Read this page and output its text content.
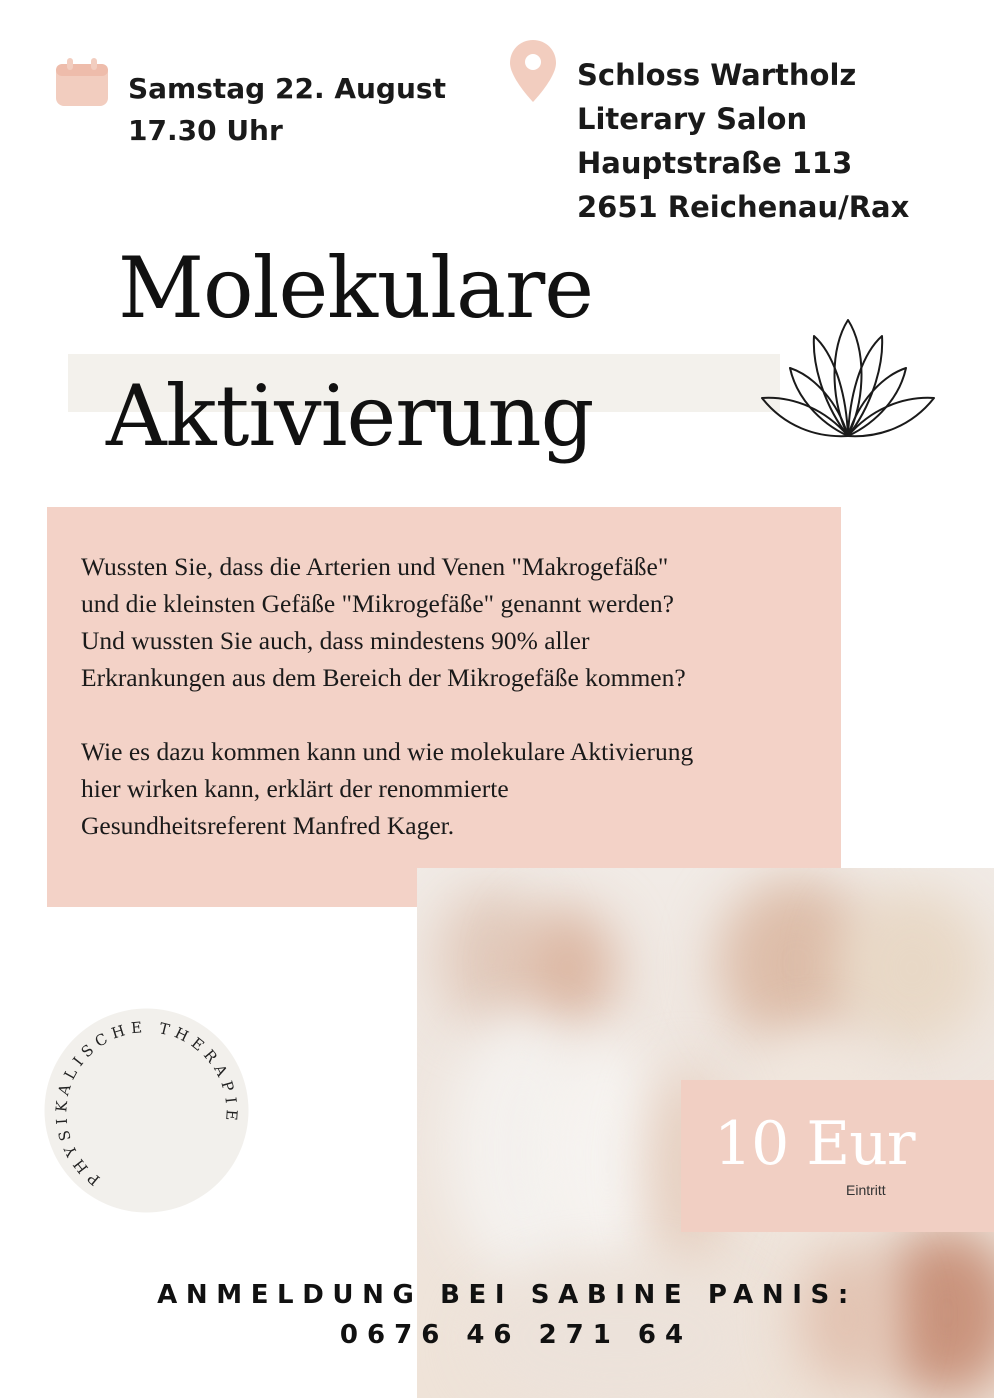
Samstag 22. August
17.30 Uhr
Schloss Wartholz
Literary Salon
Hauptstraße 113
2651 Reichenau/Rax
Molekulare
Aktivierung

Wussten Sie, dass die Arterien und Venen "Makrogefäße"
und die kleinsten Gefäße "Mikrogefäße" genannt werden?
Und wussten Sie auch, dass mindestens 90% aller
Erkrankungen aus dem Bereich der Mikrogefäße kommen?

Wie es dazu kommen kann und wie molekulare Aktivierung
hier wirken kann, erklärt der renommierte
Gesundheitsreferent Manfred Kager.

10 Eur
Eintritt
PHYSIKALISCHE THERAPIE
ANMELDUNG BEI SABINE PANIS:
0676 46 271 64
